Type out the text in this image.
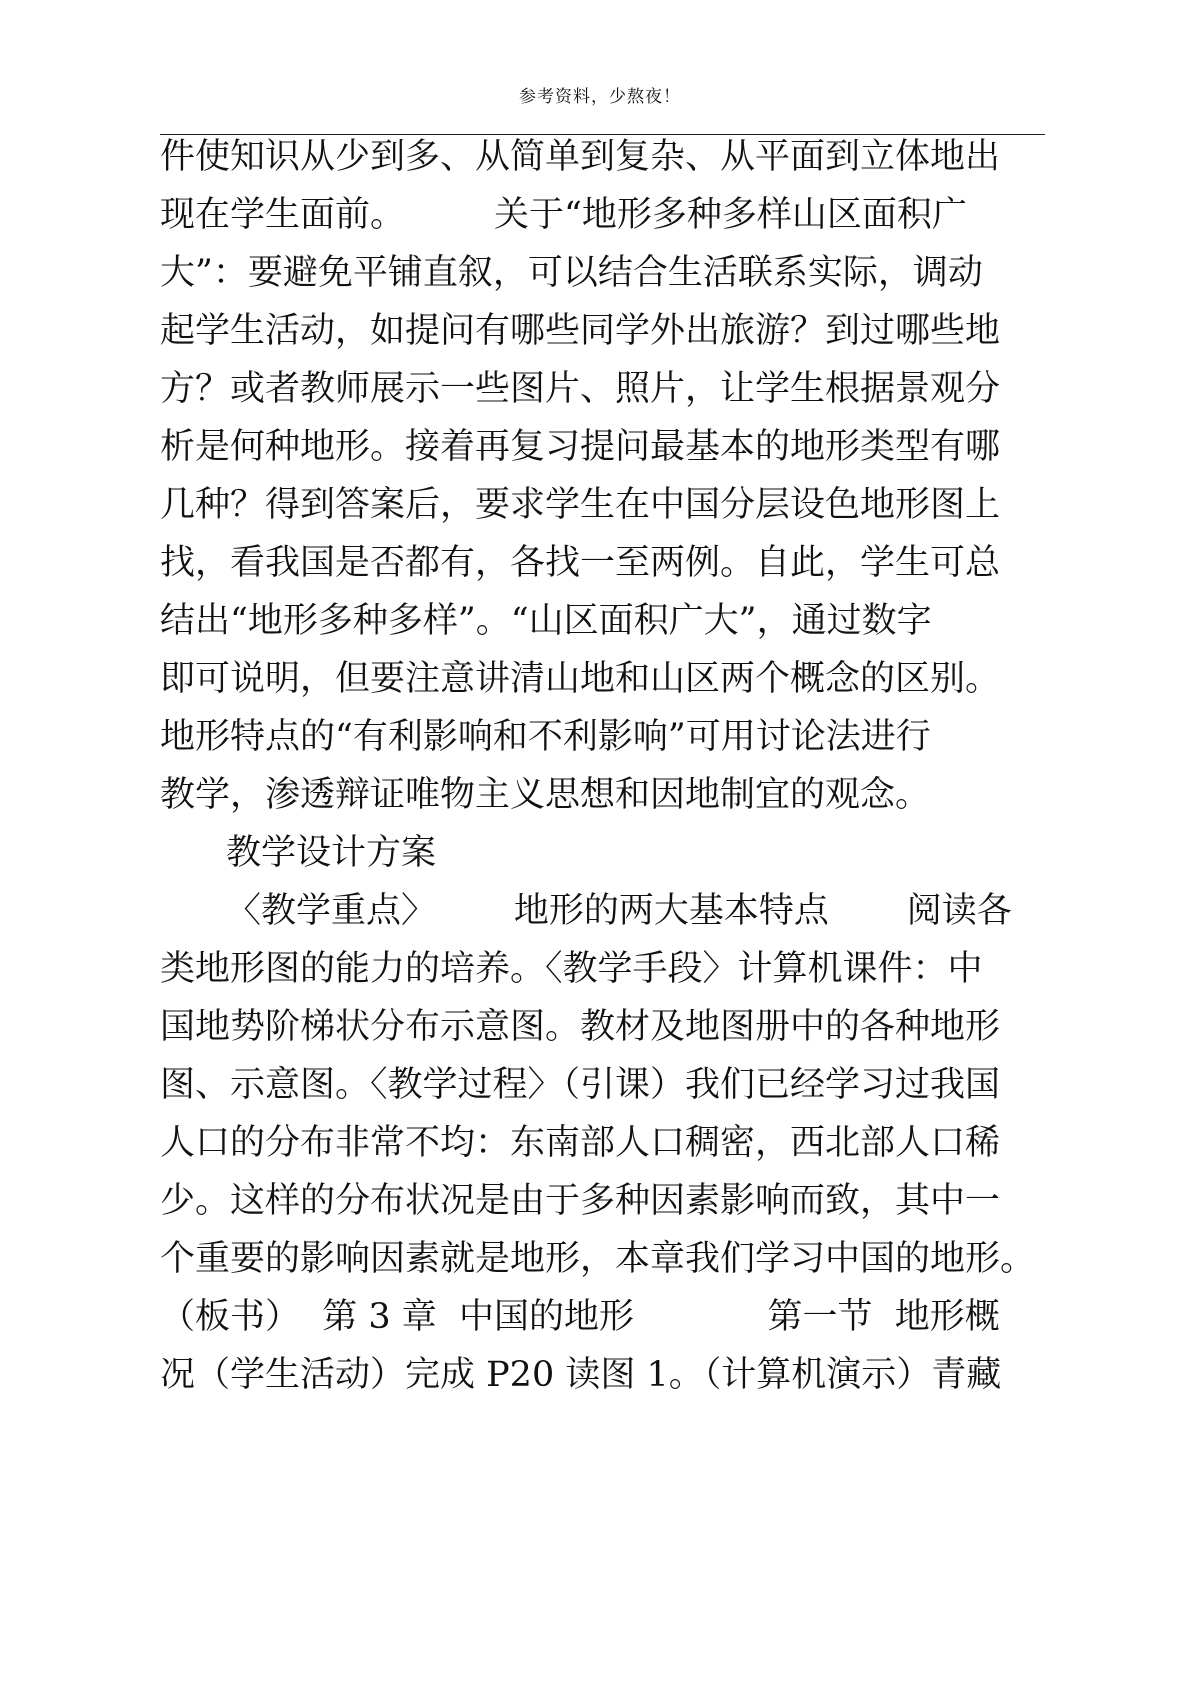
参考资料，少熬夜！
件使知识从少到多、从简单到复杂、从平面到立体地出
现在学生面前。        关于“地形多种多样山区面积广
大”：要避免平铺直叙，可以结合生活联系实际，调动
起学生活动，如提问有哪些同学外出旅游？到过哪些地
方？或者教师展示一些图片、照片，让学生根据景观分
析是何种地形。接着再复习提问最基本的地形类型有哪
几种？得到答案后，要求学生在中国分层设色地形图上
找，看我国是否都有，各找一至两例。自此，学生可总
结出“地形多种多样”。“山区面积广大”，通过数字
即可说明，但要注意讲清山地和山区两个概念的区别。
地形特点的“有利影响和不利影响”可用讨论法进行
教学，渗透辩证唯物主义思想和因地制宜的观念。
教学设计方案
〈教学重点〉       地形的两大基本特点       阅读各
类地形图的能力的培养。〈教学手段〉计算机课件：中
国地势阶梯状分布示意图。教材及地图册中的各种地形
图、示意图。〈教学过程〉（引课）我们已经学习过我国
人口的分布非常不均：东南部人口稠密，西北部人口稀
少。这样的分布状况是由于多种因素影响而致，其中一
个重要的影响因素就是地形，本章我们学习中国的地形。
（板书）  第 3 章  中国的地形            第一节  地形概
况（学生活动）完成 P20 读图 1。（计算机演示）青藏
